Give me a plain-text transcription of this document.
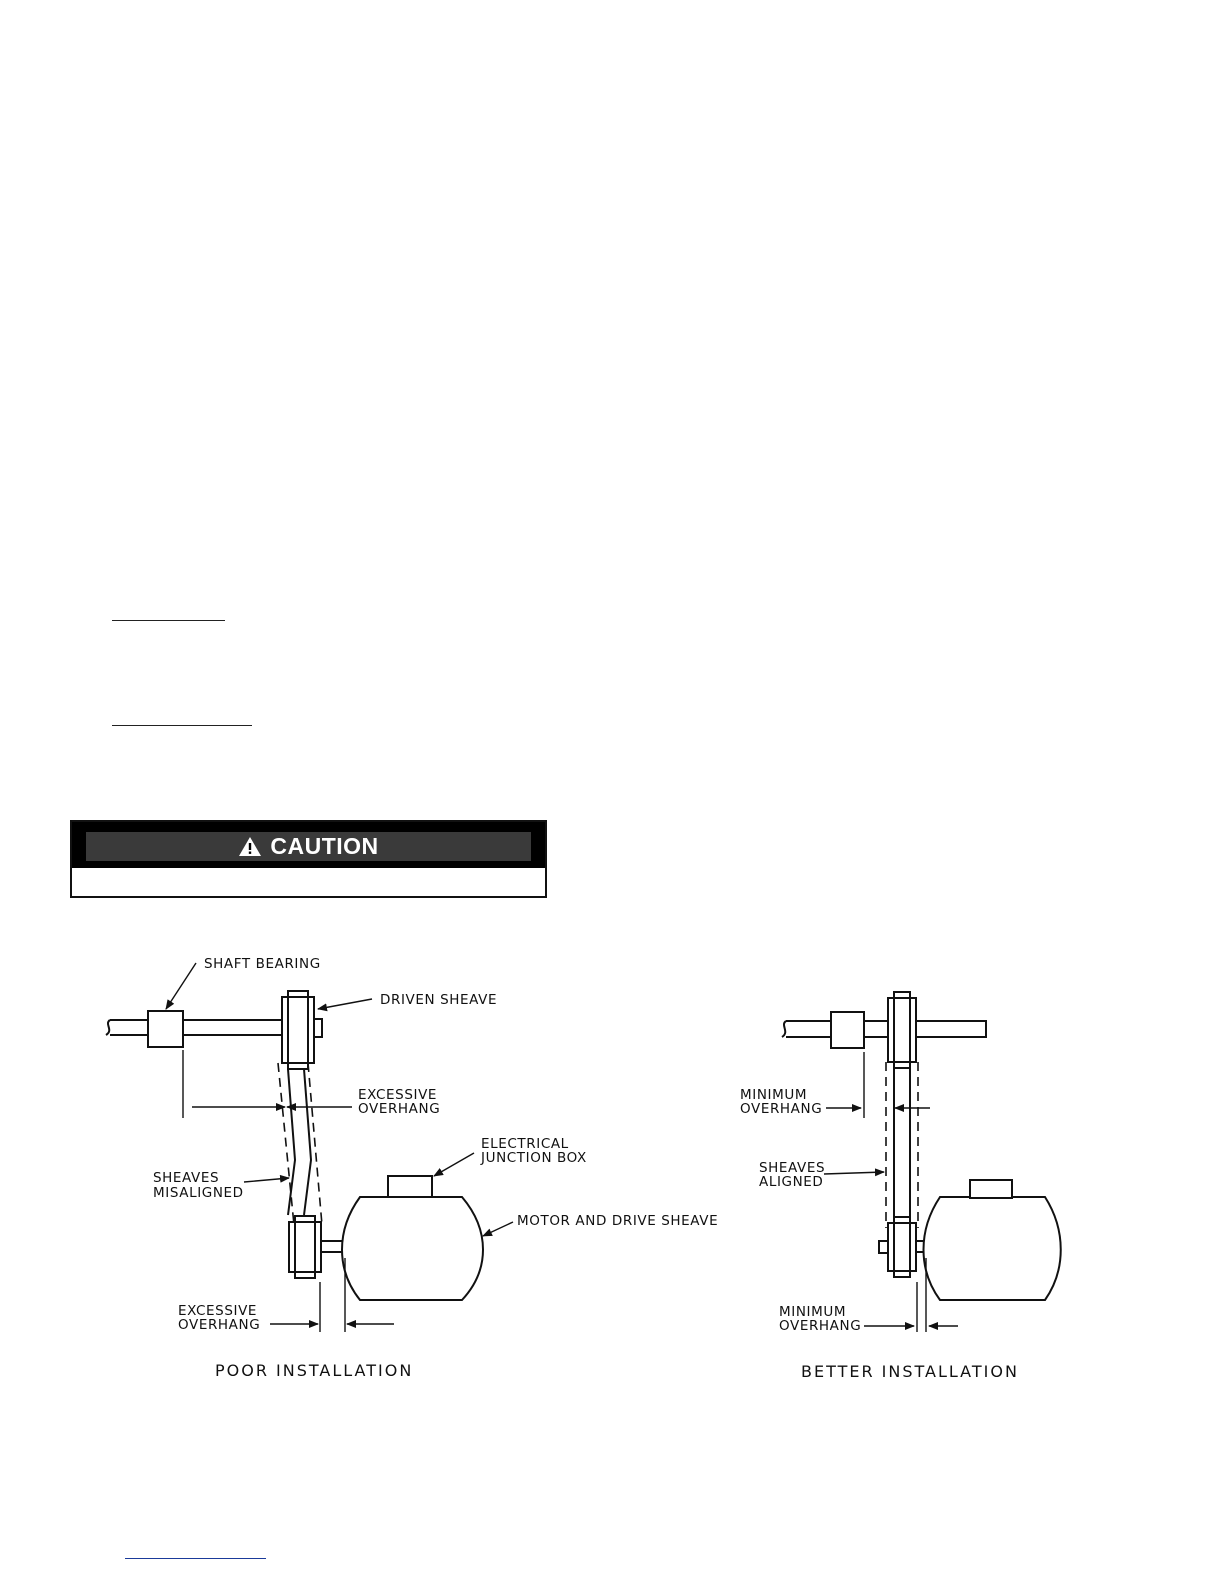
CAUTION
SHAFT BEARING
DRIVEN SHEAVE
EXCESSIVE
OVERHANG
ELECTRICAL
JUNCTION BOX
SHEAVES
MISALIGNED
MOTOR AND DRIVE SHEAVE
EXCESSIVE
OVERHANG
POOR INSTALLATION
MINIMUM
OVERHANG
SHEAVES
ALIGNED
MINIMUM
OVERHANG
BETTER INSTALLATION
